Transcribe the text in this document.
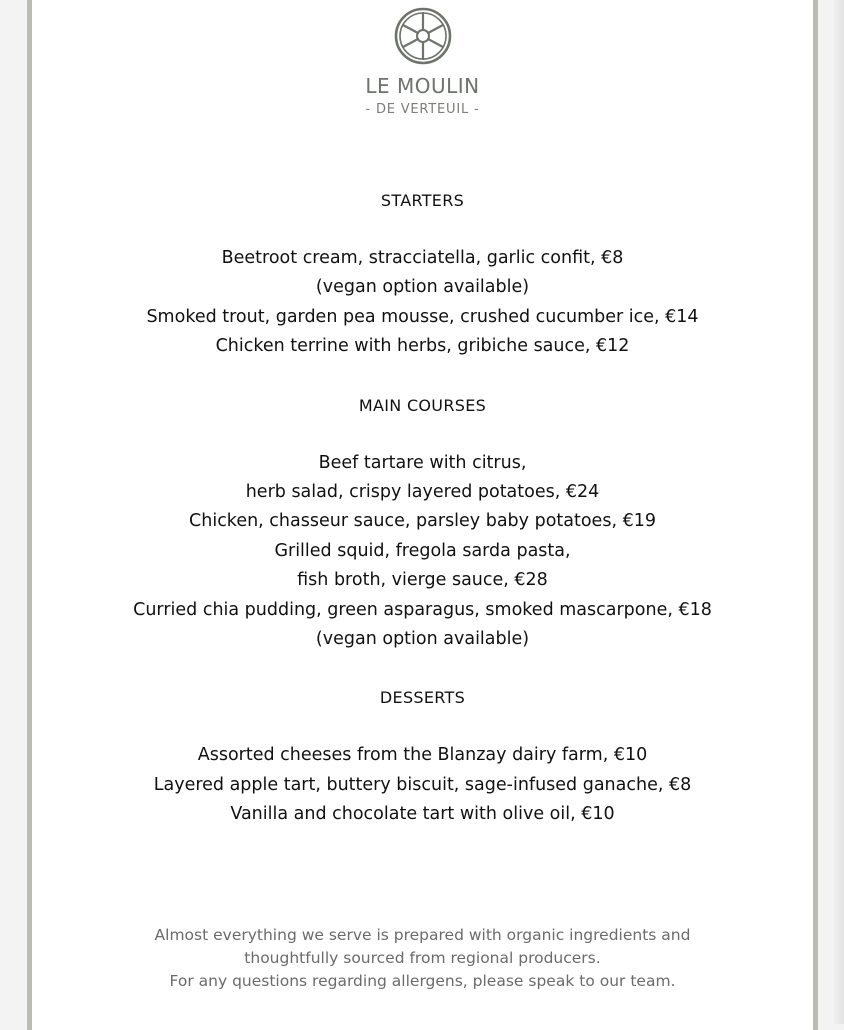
LE MOULIN
- DE VERTEUIL -
STARTERS
Beetroot cream, stracciatella, garlic confit, €8
(vegan option available)
Smoked trout, garden pea mousse, crushed cucumber ice, €14
Chicken terrine with herbs, gribiche sauce, €12
MAIN COURSES
Beef tartare with citrus,
herb salad, crispy layered potatoes, €24
Chicken, chasseur sauce, parsley baby potatoes, €19
Grilled squid, fregola sarda pasta,
fish broth, vierge sauce, €28
Curried chia pudding, green asparagus, smoked mascarpone, €18
(vegan option available)
DESSERTS
Assorted cheeses from the Blanzay dairy farm, €10
Layered apple tart, buttery biscuit, sage-infused ganache, €8
Vanilla and chocolate tart with olive oil, €10
Almost everything we serve is prepared with organic ingredients and
thoughtfully sourced from regional producers.
For any questions regarding allergens, please speak to our team.
